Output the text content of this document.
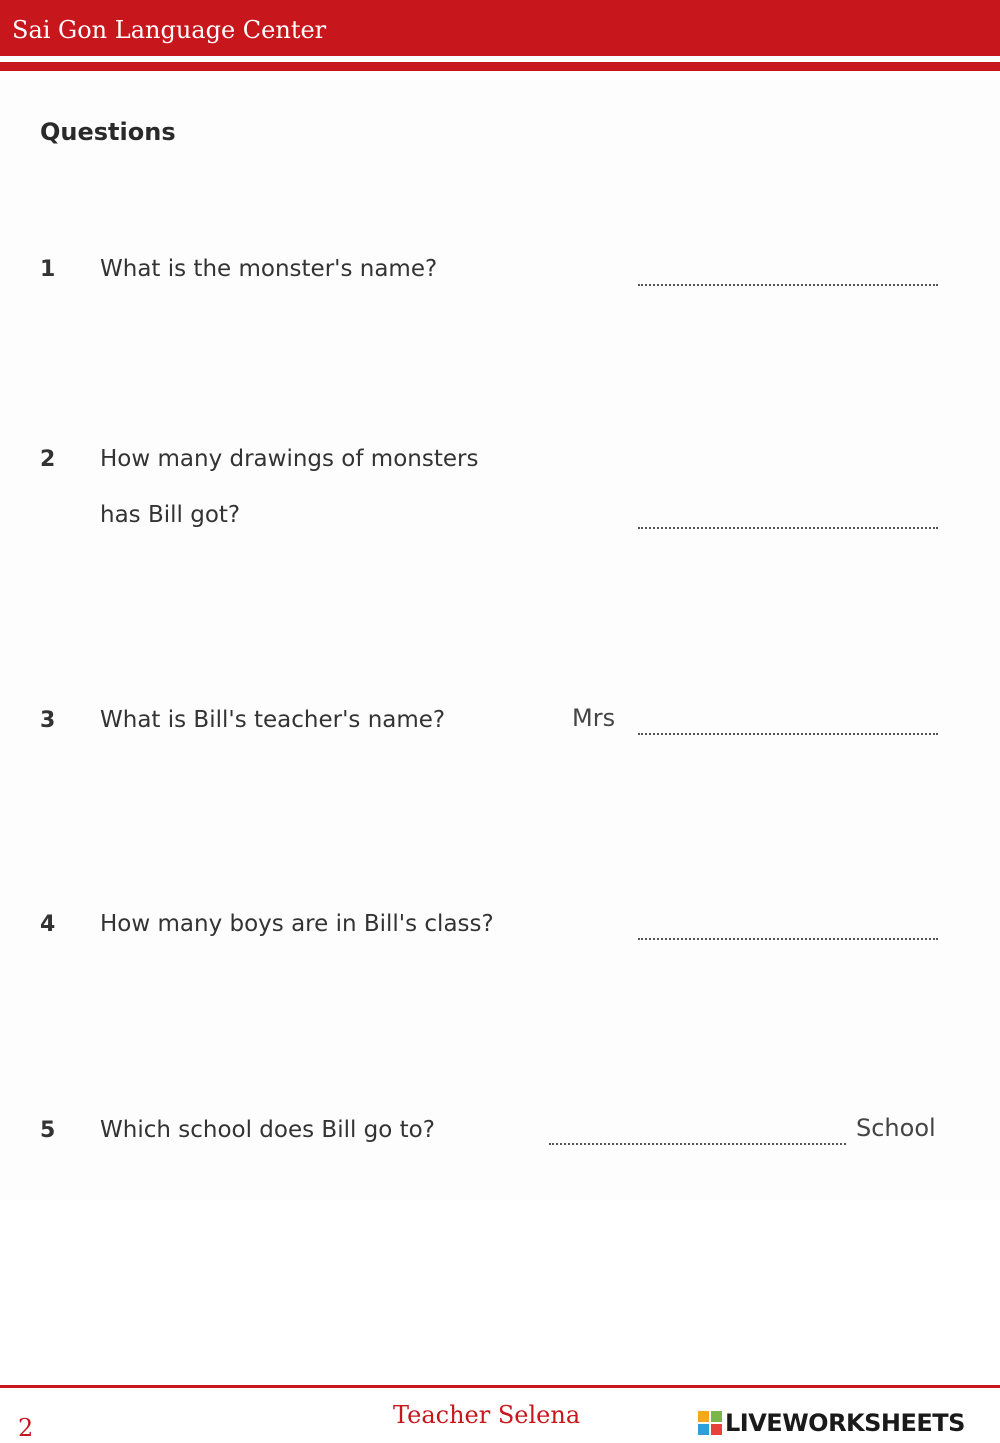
Sai Gon Language Center
Questions
1 What is the monster's name?
2 How many drawings of monsters
has Bill got?
3 What is Bill's teacher's name?	Mrs
4 How many boys are in Bill's class?
5 Which school does Bill go to?	School
2	Teacher Selena	LIVEWORKSHEETS
